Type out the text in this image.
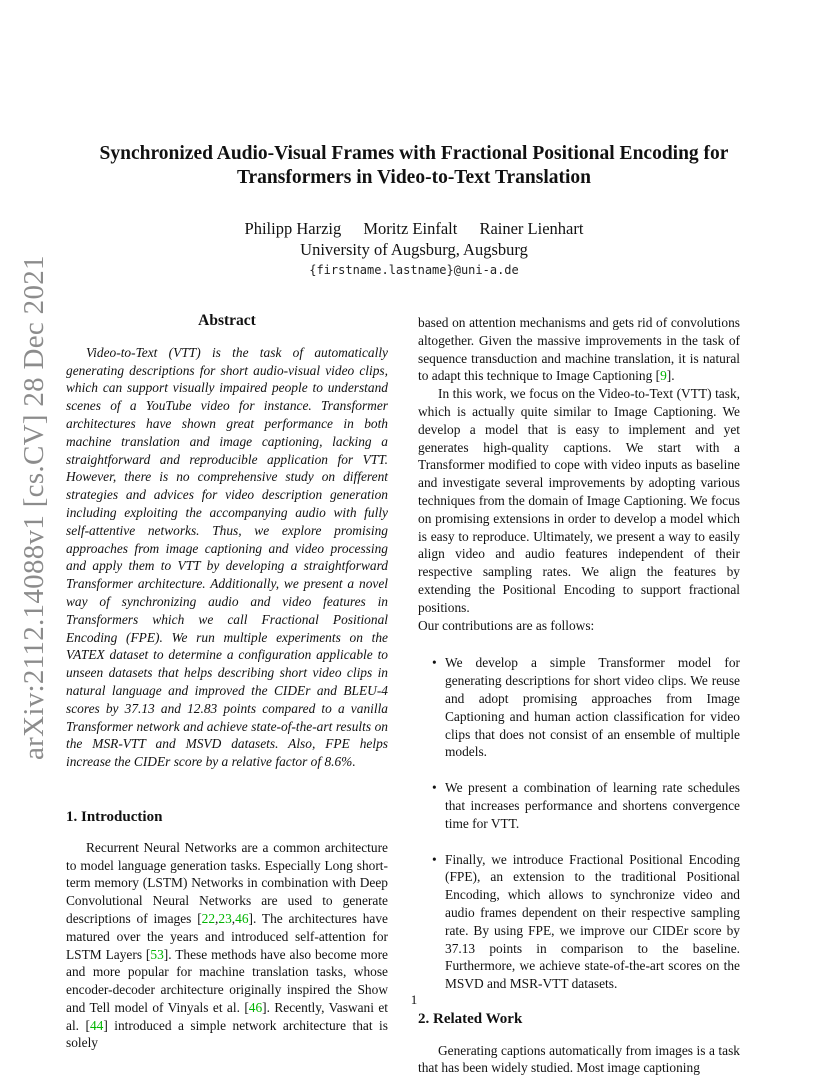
arXiv:2112.14088v1 [cs.CV] 28 Dec 2021
Synchronized Audio-Visual Frames with Fractional Positional Encoding for
Transformers in Video-to-Text Translation
Philipp Harzig Moritz Einfalt Rainer Lienhart
University of Augsburg, Augsburg
{firstname.lastname}@uni-a.de
Abstract

Video-to-Text (VTT) is the task of automatically generating descriptions for short audio-visual video clips, which can support visually impaired people to understand scenes of a YouTube video for instance. Transformer architectures have shown great performance in both machine translation and image captioning, lacking a straightforward and reproducible application for VTT. However, there is no comprehensive study on different strategies and advices for video description generation including exploiting the accompanying audio with fully self-attentive networks. Thus, we explore promising approaches from image captioning and video processing and apply them to VTT by developing a straightforward Transformer architecture. Additionally, we present a novel way of synchronizing audio and video features in Transformers which we call Fractional Positional Encoding (FPE). We run multiple experiments on the VATEX dataset to determine a configuration applicable to unseen datasets that helps describing short video clips in natural language and improved the CIDEr and BLEU-4 scores by 37.13 and 12.83 points compared to a vanilla Transformer network and achieve state-of-the-art results on the MSR-VTT and MSVD datasets. Also, FPE helps increase the CIDEr score by a relative factor of 8.6%.

1. Introduction

Recurrent Neural Networks are a common architecture to model language generation tasks. Especially Long short-term memory (LSTM) Networks in combination with Deep Convolutional Neural Networks are used to generate descriptions of images [22,23,46]. The architectures have matured over the years and introduced self-attention for LSTM Layers [53]. These methods have also become more and more popular for machine translation tasks, whose encoder-decoder architecture originally inspired the Show and Tell model of Vinyals et al. [46]. Recently, Vaswani et al. [44] introduced a simple network architecture that is solely

based on attention mechanisms and gets rid of convolutions altogether. Given the massive improvements in the task of sequence transduction and machine translation, it is natural to adapt this technique to Image Captioning [9].

In this work, we focus on the Video-to-Text (VTT) task, which is actually quite similar to Image Captioning. We develop a model that is easy to implement and yet generates high-quality captions. We start with a Transformer modified to cope with video inputs as baseline and investigate several improvements by adopting various techniques from the domain of Image Captioning. We focus on promising extensions in order to develop a model which is easy to reproduce. Ultimately, we present a way to easily align video and audio features independent of their respective sampling rates. We align the features by extending the Positional Encoding to support fractional positions.

Our contributions are as follows:

• We develop a simple Transformer model for generating descriptions for short video clips. We reuse and adopt promising approaches from Image Captioning and human action classification for video clips that does not consist of an ensemble of multiple models.
• We present a combination of learning rate schedules that increases performance and shortens convergence time for VTT.
• Finally, we introduce Fractional Positional Encoding (FPE), an extension to the traditional Positional Encoding, which allows to synchronize video and audio frames dependent on their respective sampling rate. By using FPE, we improve our CIDEr score by 37.13 points in comparison to the baseline. Furthermore, we achieve state-of-the-art scores on the MSVD and MSR-VTT datasets.
2. Related Work

Generating captions automatically from images is a task that has been widely studied. Most image captioning

1
